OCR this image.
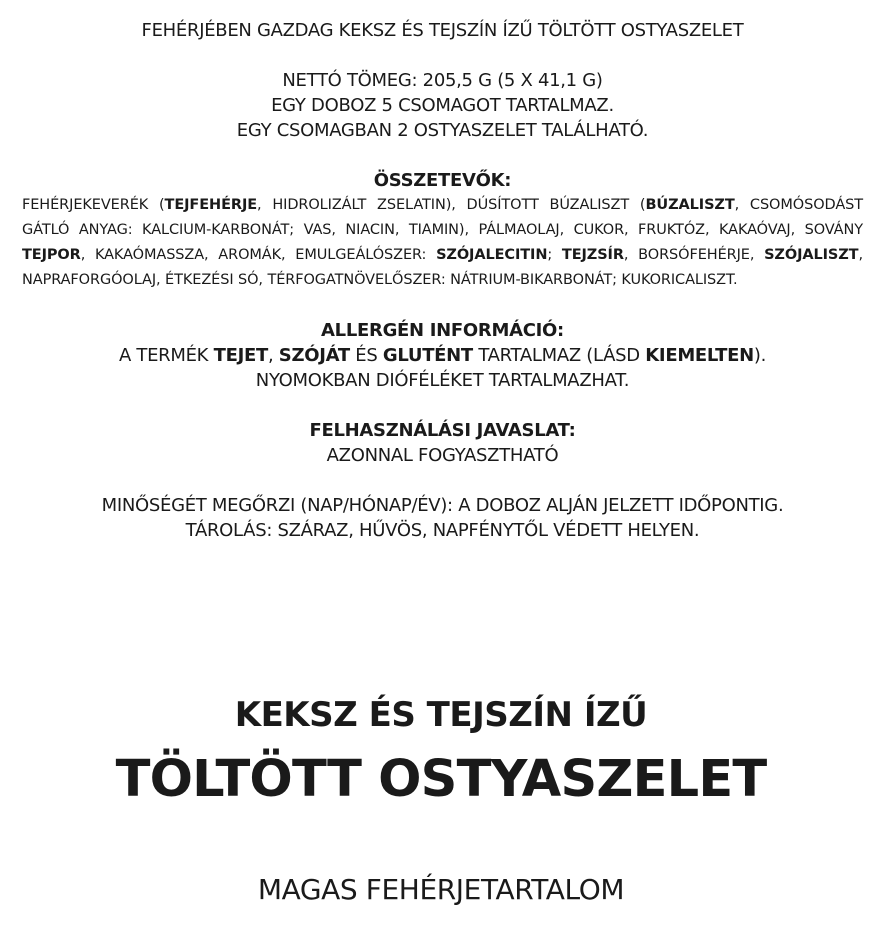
FEHÉRJÉBEN GAZDAG KEKSZ ÉS TEJSZÍN ÍZŰ TÖLTÖTT OSTYASZELET
NETTÓ TÖMEG: 205,5 G (5 X 41,1 G)
EGY DOBOZ 5 CSOMAGOT TARTALMAZ.
EGY CSOMAGBAN 2 OSTYASZELET TALÁLHATÓ.
ÖSSZETEVŐK:
FEHÉRJEKEVERÉK (TEJFEHÉRJE, HIDROLIZÁLT ZSELATIN), DÚSÍTOTT BÚZALISZT (BÚZALISZT, CSOMÓSODÁST GÁTLÓ ANYAG: KALCIUM-KARBONÁT; VAS, NIACIN, TIAMIN), PÁLMAOLAJ, CUKOR, FRUKTÓZ, KAKAÓVAJ, SOVÁNY TEJPOR, KAKAÓMASSZA, AROMÁK, EMULGEÁLÓSZER: SZÓJALECITIN; TEJZSÍR, BORSÓFEHÉRJE, SZÓJALISZT, NAPRAFORGÓOLAJ, ÉTKEZÉSI SÓ, TÉRFOGATNÖVELŐSZER: NÁTRIUM-BIKARBONÁT; KUKORICALISZT.
ALLERGÉN INFORMÁCIÓ:
A TERMÉK TEJET, SZÓJÁT ÉS GLUTÉNT TARTALMAZ (LÁSD KIEMELTEN).
NYOMOKBAN DIÓFÉLÉKET TARTALMAZHAT.
FELHASZNÁLÁSI JAVASLAT:
AZONNAL FOGYASZTHATÓ
MINŐSÉGÉT MEGŐRZI (NAP/HÓNAP/ÉV): A DOBOZ ALJÁN JELZETT IDŐPONTIG.
TÁROLÁS: SZÁRAZ, HŰVÖS, NAPFÉNYTŐL VÉDETT HELYEN.
KEKSZ ÉS TEJSZÍN ÍZŰ
TÖLTÖTT OSTYASZELET
MAGAS FEHÉRJETARTALOM
